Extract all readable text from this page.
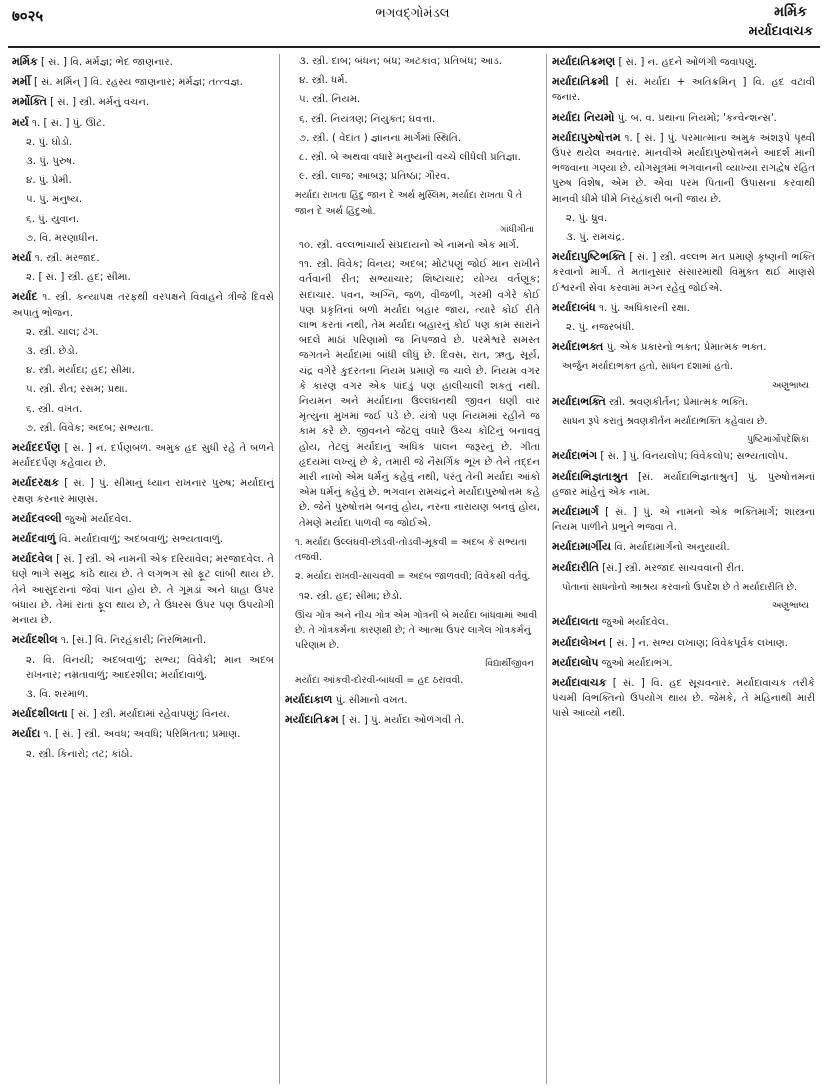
७०२५	ભગવદ્ગોમંડલ	મર્મિક
મર્યાદાવાચક
મર્મિક [ સં. ] વિ. મર્મજ્ઞ; ભેદ જાણનાર.
મર્મી [ સં. મર્મિન્ ] વિ. રહસ્ય જાણનાર; મર્મજ્ઞ; તત્ત્વજ્ઞ.
મર્મોક્તિ [ સં. ] સ્ત્રી. મર્મનું વચન.
મર્ય ૧. [ સં. ] પું. ઊંટ.
૨. પું. ઘોડો.
૩. પું. પુરુષ.
૪. પું. પ્રેમી.
૫. પું. મનુષ્ય.
૬. પું. યુવાન.
૭. વિ. મરણાધીન.
મર્યા ૧. સ્ત્રી. મરજાદ.
૨. [ સં. ] સ્ત્રી. હદ; સીમા.
મર્યાદ ૧. સ્ત્રી. કન્યાપક્ષ તરફથી વરપક્ષને વિવાહને ત્રીજે દિવસે અપાતું ભોજન.
૨. સ્ત્રી. ચાલ; ઢંગ.
૩. સ્ત્રી. છેડો.
૪. સ્ત્રી. મર્યાદા; હદ; સીમા.
૫. સ્ત્રી. રીત; રસમ; પ્રથા.
૬. સ્ત્રી. વખત.
૭. સ્ત્રી. વિવેક; અદબ; સભ્યતા.
મર્યાદદર્પણ [ સં. ] ન. દર્પણબળ. અમુક હદ સુધી રહે તે બળને મર્યાદદર્પણ કહેવાય છે.
મર્યાદરક્ષક [ સં. ] પું. સીમાનું ધ્યાન રાખનાર પુરુષ; મર્યાદાનું રક્ષણ કરનાર માણસ.
મર્યાદવલ્લી જુઓ મર્યાદવેલ.
મર્યાદવાળું વિ. મર્યાદાવાળું; અદબવાળું; સભ્યતાવાળું.
મર્યાદવેલ [ સં. ] સ્ત્રી. એ નામની એક દરિયાવેલ; મરજાદવેલ. તે ઘણે ભાગે સમુદ્ર કાંઠે થાય છે. તે લગભગ સો ફૂટ લાંબી થાય છે. તેને આસુંદરાનાં જેવાં પાન હોય છે. તે ગૂમડાં અને ઘાહા ઉપર બંધાય છે. તેમાં રાતાં ફૂલ થાય છે, તે ઉધરસ ઉપર પણ ઉપયોગી મનાય છે.
મર્યાદશીલ ૧. [સં.] વિ. નિરહંકારી; નિરભિમાની.
૨. વિ. વિનયી; અદબવાળું; સભ્ય; વિવેકી; માન અદબ રાખનાર; નમ્રતાવાળું; આદરશીલ; મર્યાદાવાળું.
૩. વિ. શરમાળ.
મર્યાદશીલતા [ સં. ] સ્ત્રી. મર્યાદામાં રહેવાપણું; વિનય.
મર્યાદા ૧. [ સં. ] સ્ત્રી. અવધ; અવધિ; પરિમિતતા; પ્રમાણ.
૨. સ્ત્રી. કિનારો; તટ; કાંઠો.
૩. સ્ત્રી. દાબ; બંધન; બંધ; અટકાવ; પ્રતિબંધ; આડ.
૪. સ્ત્રી. ધર્મ.
૫. સ્ત્રી. નિયમ.
૬. સ્ત્રી. નિયંત્રણ; નિયુક્ત; ઘવત્તા.
૭. સ્ત્રી. ( વેદાંત ) જ્ઞાનના માર્ગમાં સ્થિતિ.
૮. સ્ત્રી. બે અથવા વધારે મનુષ્યની વચ્ચે લીધેલી પ્રતિજ્ઞા.
૯. સ્ત્રી. લાજ; આબરૂ; પ્રતિષ્ઠા; ગૌરવ.
મર્યાદા રાખતા હિંદુ જાન દે અર્થ મુસ્લિમ, મર્યાદા રાખતા પૈ તે જાન દે અર્થ હિંદુઓ.
ગાંધીગીતા
૧૦. સ્ત્રી. વલ્લભાચાર્ય સંપ્રદાયનો એ નામનો એક માર્ગ.
૧૧. સ્ત્રી. વિવેક; વિનય; અદબ; મોટપણું જોઈ માન રાખીને વર્તવાની રીત; સભ્યાચાર; શિષ્ટાચાર; યોગ્ય વર્તણૂક; સદાચાર. પવન, અગ્નિ, જળ, વીજળી, ગરમી વગેરે કોઈ પણ પ્રકૃતિનાં બળો મર્યાદા બહાર જાય, ત્યારે કોઈ રીતે લાભ કરતાં નથી, તેમ મર્યાદા બહારનું કોઈ પણ કામ સારાંને બદલે માઠાં પરિણામો જ નિપજાવે છે. પરમેશ્વરે સમસ્ત જગતને મર્યાદામાં બાંધી લીધું છે. દિવસ, રાત, ઋતુ, સૂર્ય, ચંદ્ર વગેરે કુદરતના નિયમ પ્રમાણે જ ચાલે છે. નિયમ વગર કે કારણ વગર એક પાંદડું પણ હાલીચાલી શકતું નથી. નિયમન અને મર્યાદાના ઉલ્લંઘનથી જીવન ઘણી વાર મૃત્યુના મુખમાં જઈ પડે છે. યંત્રો પણ નિયમમાં રહીને જ કામ કરે છે. જીવનને જેટલું વધારે ઉચ્ચ કોટિનું બનાવવું હોય, તેટલું મર્યાદાનું અધિક પાલન જરૂરનું છે. ગીતા હૃદયમાં લખ્યું છે કે, તમારી જે નૈસર્ગિક ભૂખ છે તેને તદ્દન મારી નાખો એમ ધર્મનું કહેવું નથી, પરંતુ તેની મર્યાદા આંકો એમ ધર્મનું કહેવું છે. ભગવાન રામચંદ્રને મર્યાદાપુરુષોત્તમ કહે છે. જેને પુરુષોત્તમ બનવું હોય, નરના નારાયણ બનવું હોય, તેમણે મર્યાદા પાળવી જ જોઈએ.
૧. મર્યાદા ઉલ્લંઘવી-છોડવી-તોડવી-મૂકવી = અદબ કે સભ્યતા તજવી.
૨. મર્યાદા રાખવી-સાચવવી = અદબ જાળવવી; વિવેકથી વર્તવું.
૧૨. સ્ત્રી. હદ; સીમા; છેડો.
ઊંચ ગોત્ર અને નીચ ગોત્ર એમ ગોત્રની બે મર્યાદા બાંધવામાં આવી છે. તે ગોત્રકર્મના કારણથી છે; તે આત્મા ઉપર લાગેલ ગોત્રકર્મનું પરિણામ છે.
વિદ્યાર્થીજીવન
મર્યાદા આંકવી-દોરવી-બાંધવી = હદ ઠરાવવી.
મર્યાદાકાળ પું. સીમાનો વખત.
મર્યાદાતિક્રમ [ સં. ] પું. મર્યાદા ઓળંગવી તે.
મર્યાદાતિક્રમણ [ સં. ] ન. હદને ઓળંગી જવાપણું.
મર્યાદાતિક્રમી [ સં. મર્યાદા + અતિક્રમિન્ ] વિ. હદ વટાવી જનાર.
મર્યાદા નિયમો પું. બ. વ. પ્રથાના નિયમો; 'કન્વેન્શન્સ'.
મર્યાદાપુરુષોત્તમ ૧. [ સં. ] પું. પરમાત્માના અમુક અંશરૂપે પૃથ્વી ઉપર થયેલ અવતાર. માનવીએ મર્યાદાપુરુષોત્તમને આદર્શ માની ભજવાના ગણ્યા છે. યોગસૂત્રમાં ભગવાનની વ્યાખ્યા રાગદ્વેષ રહિત પુરુષ વિશેષ, એમ છે. એવા પરમ પિતાની ઉપાસના કરવાથી માનવી ધીમે ધીમે નિરહંકારી બની જાય છે.
૨. પું. ધ્રુવ.
૩. પું. રામચંદ્ર.
મર્યાદાપુષ્ટિભક્તિ [ સં. ] સ્ત્રી. વલ્લભ મત પ્રમાણે કૃષ્ણની ભક્તિ કરવાનો માર્ગ. તે મતાનુસાર સંસારમાંથી વિમુક્ત થઈ માણસે ઈશ્વરની સેવા કરવામાં મગ્ન રહેવું જોઈએ.
મર્યાદાબંધ ૧. પું. અધિકારની રક્ષા.
૨. પું. નજરબંધી.
મર્યાદાભક્ત પું. એક પ્રકારનો ભક્ત; પ્રેમાત્મક ભક્ત.
અર્જુન મર્યાદાભક્ત હતો, સાધન દશામાં હતો.
અણુભાષ્ય
મર્યાદાભક્તિ સ્ત્રી. શ્રવણકીર્તન; પ્રેમાત્મક ભક્તિ.
સાધન રૂપે કરાતું શ્રવણકીર્તન મર્યાદાભક્તિ કહેવાય છે.
પુષ્ટિમાર્ગોપદેશિકા
મર્યાદાભંગ [ સં. ] પું. વિનયલોપ; વિવેકલોપ; સભ્યતાલોપ.
મર્યાદાભિજ્ઞતાશ્રુત [સં. મર્યાદાભિજ્ઞતાશ્રુત] પું. પુરુષોત્તમનાં હજાર માંહેનું એક નામ.
મર્યાદામાર્ગ [ સં. ] પું. એ નામનો એક ભક્તિમાર્ગ; શાસ્ત્રના નિયમ પાળીને પ્રભુને ભજવા તે.
મર્યાદામાર્ગીય વિ. મર્યાદામાર્ગનો અનુયાયી.
મર્યાદારીતિ [સં.] સ્ત્રી. મરજાદ સાચવવાની રીત.
પોતાનાં સાધનોનો આશ્રય કરવાનો ઉપદેશ છે તે મર્યાદારીતિ છે.
અણુભાષ્ય
મર્યાદાલતા જુઓ મર્યાદવેલ.
મર્યાદાલેખન [ સં. ] ન. સભ્ય લખાણ; વિવેકપૂર્વક લખાણ.
મર્યાદાલોપ જુઓ મર્યાદાભંગ.
મર્યાદાવાચક [ સં. ] વિ. હદ સૂચવનાર. મર્યાદાવાચક તરીકે પંચમી વિભક્તિનો ઉપયોગ થાય છે. જેમકે, તે મહિનાથી મારી પાસે આવ્યો નથી.
